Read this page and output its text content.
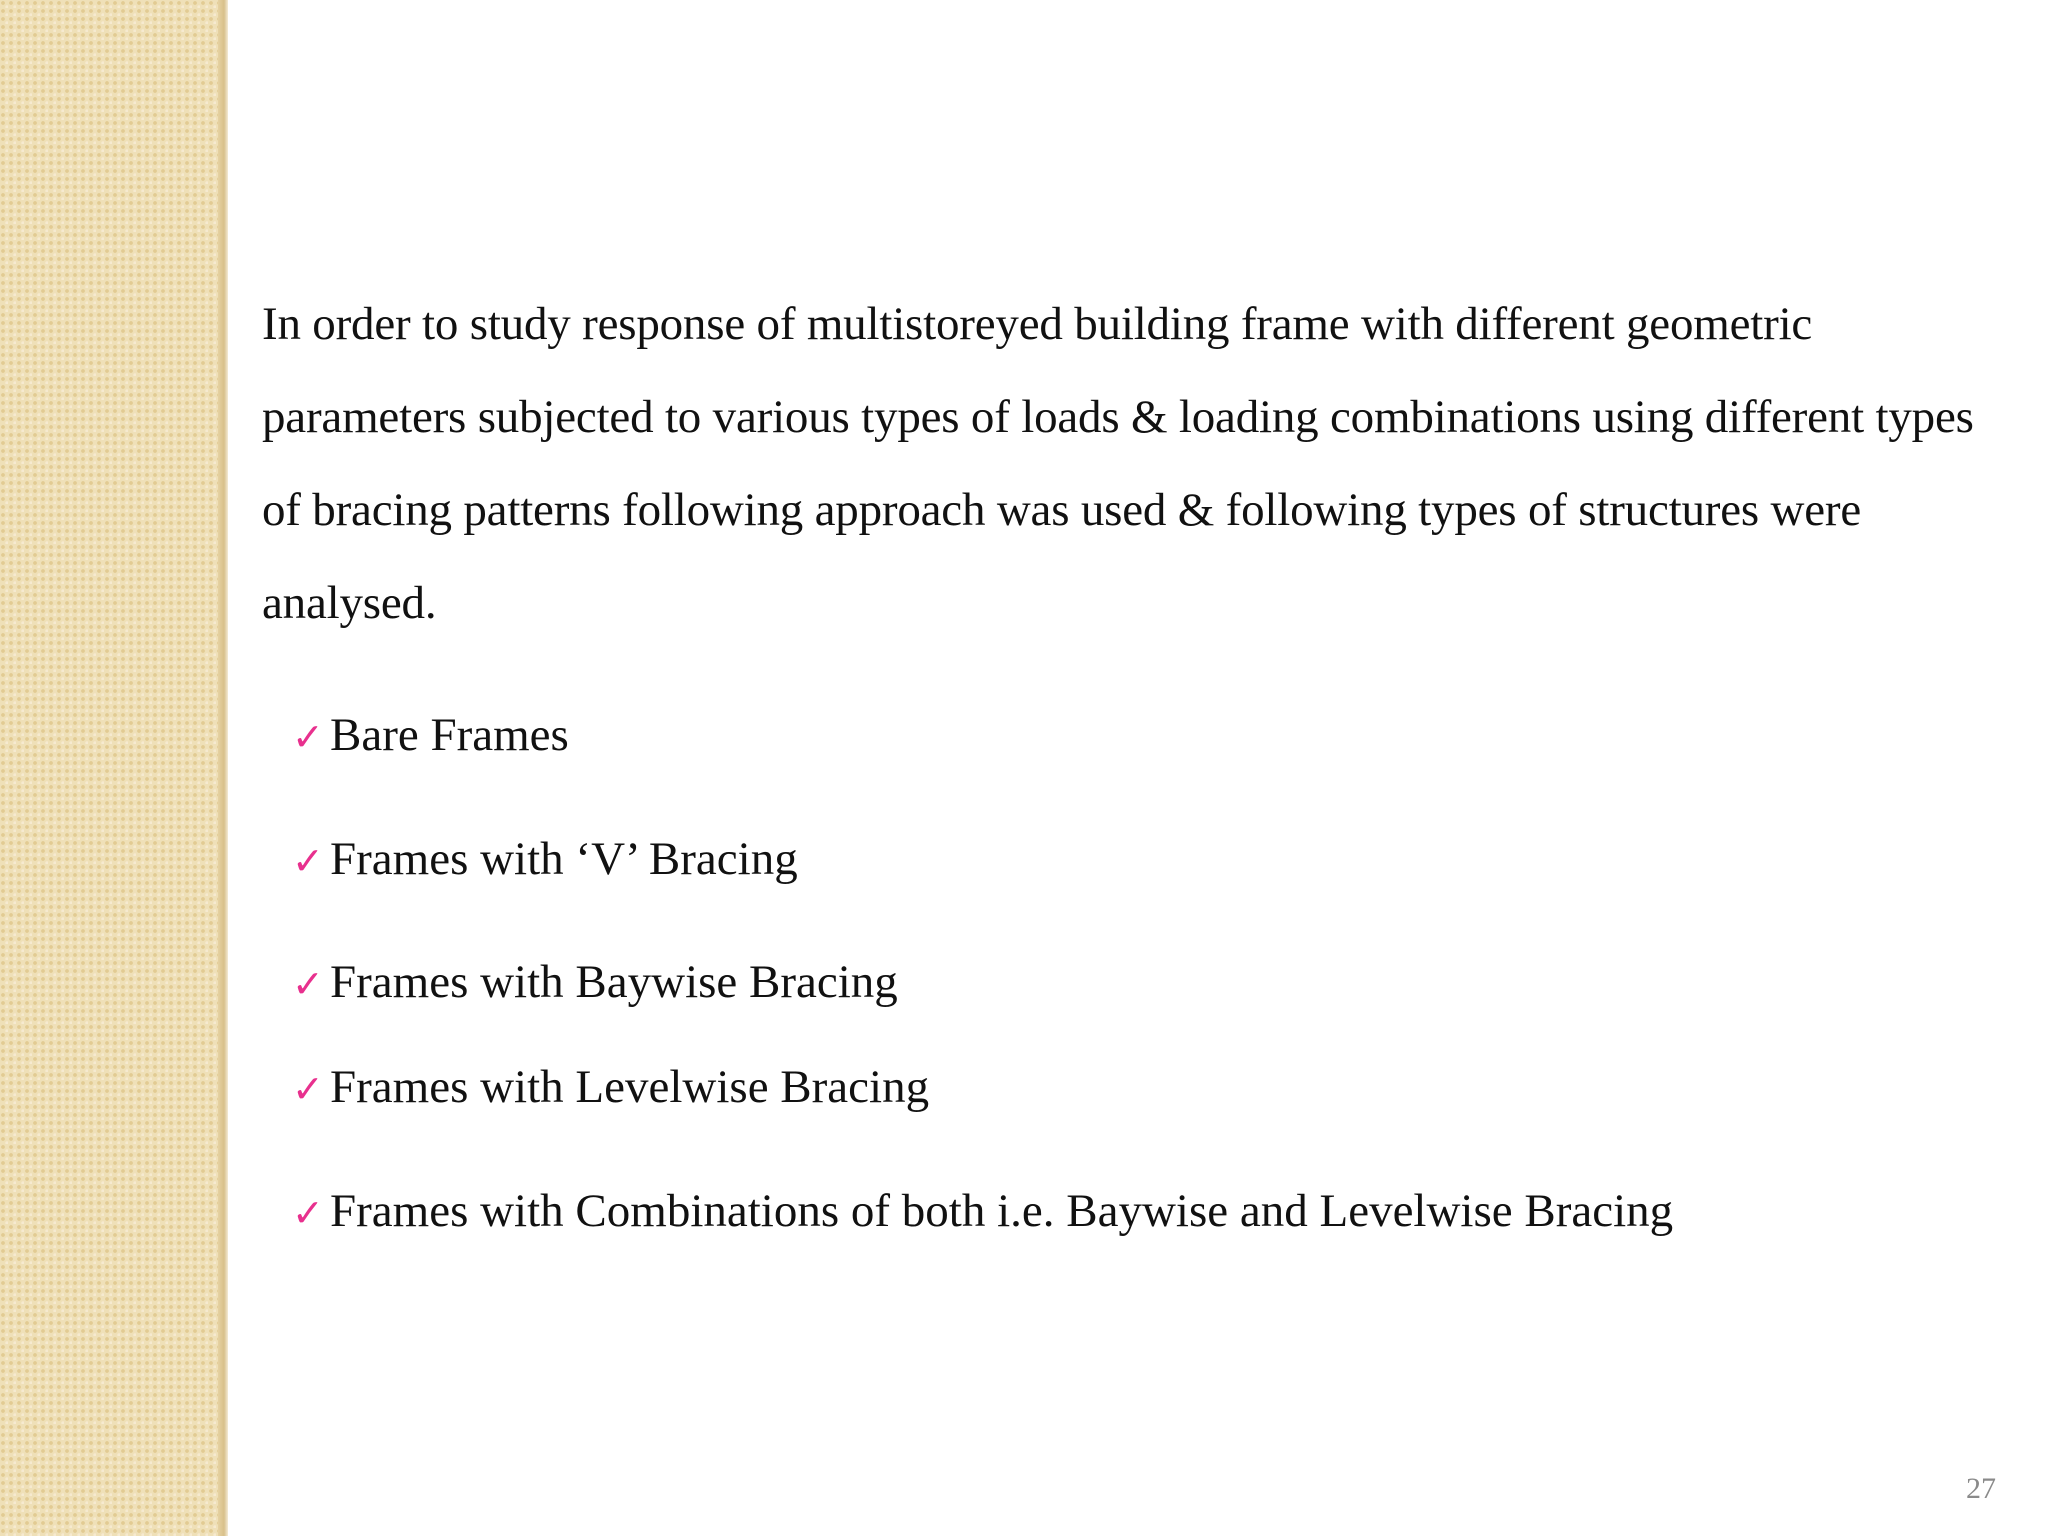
In order to study response of multistoreyed building frame with different geometric parameters subjected to various types of loads & loading combinations using different types of bracing patterns following approach was used & following types of structures were analysed.

✓ Bare Frames
✓ Frames with ‘V’ Bracing
✓ Frames with Baywise Bracing
✓ Frames with Levelwise Bracing
✓ Frames with Combinations of both i.e. Baywise and Levelwise Bracing
27
